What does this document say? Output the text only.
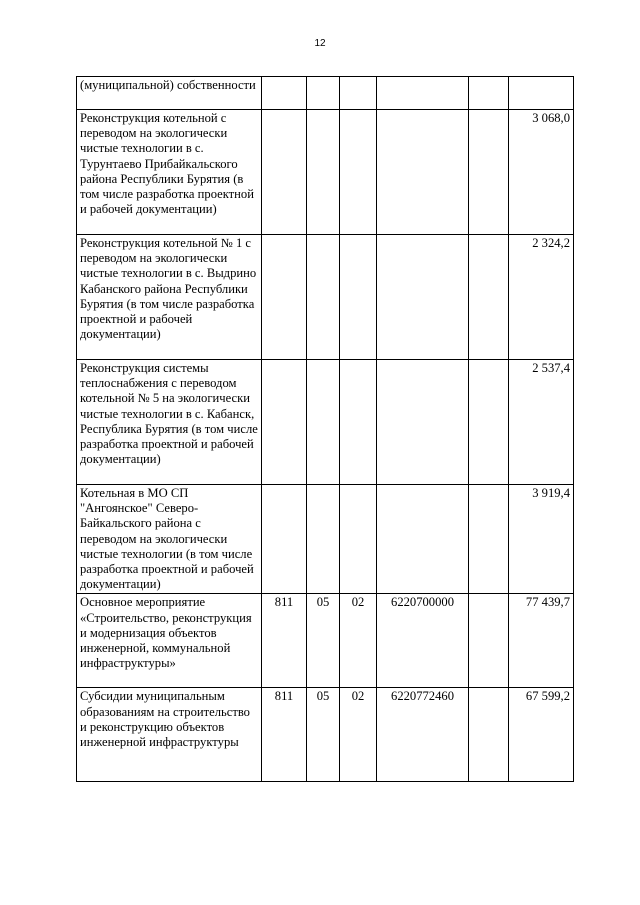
12
(муниципальной) собственности						
Реконструкция котельной с переводом на экологически чистые технологии в с. Турунтаево Прибайкальского района Республики Бурятия (в том числе разработка проектной и рабочей документации)						3 068,0
Реконструкция котельной № 1 с переводом на экологически чистые технологии в с. Выдрино Кабанского района Республики Бурятия (в том числе разработка проектной и рабочей документации)						2 324,2
Реконструкция системы теплоснабжения с переводом котельной № 5 на экологически чистые технологии в с. Кабанск, Республика Бурятия (в том числе разработка проектной и рабочей документации)						2 537,4
Котельная в МО СП "Ангоянское" Северо-Байкальского района с переводом на экологически чистые технологии (в том числе разработка проектной и рабочей документации)						3 919,4
Основное мероприятие «Строительство, реконструкция и модернизация объектов инженерной, коммунальной инфраструктуры»	811	05	02	6220700000		77 439,7
Субсидии муниципальным образованиям на строительство и реконструкцию объектов инженерной инфраструктуры	811	05	02	6220772460		67 599,2
